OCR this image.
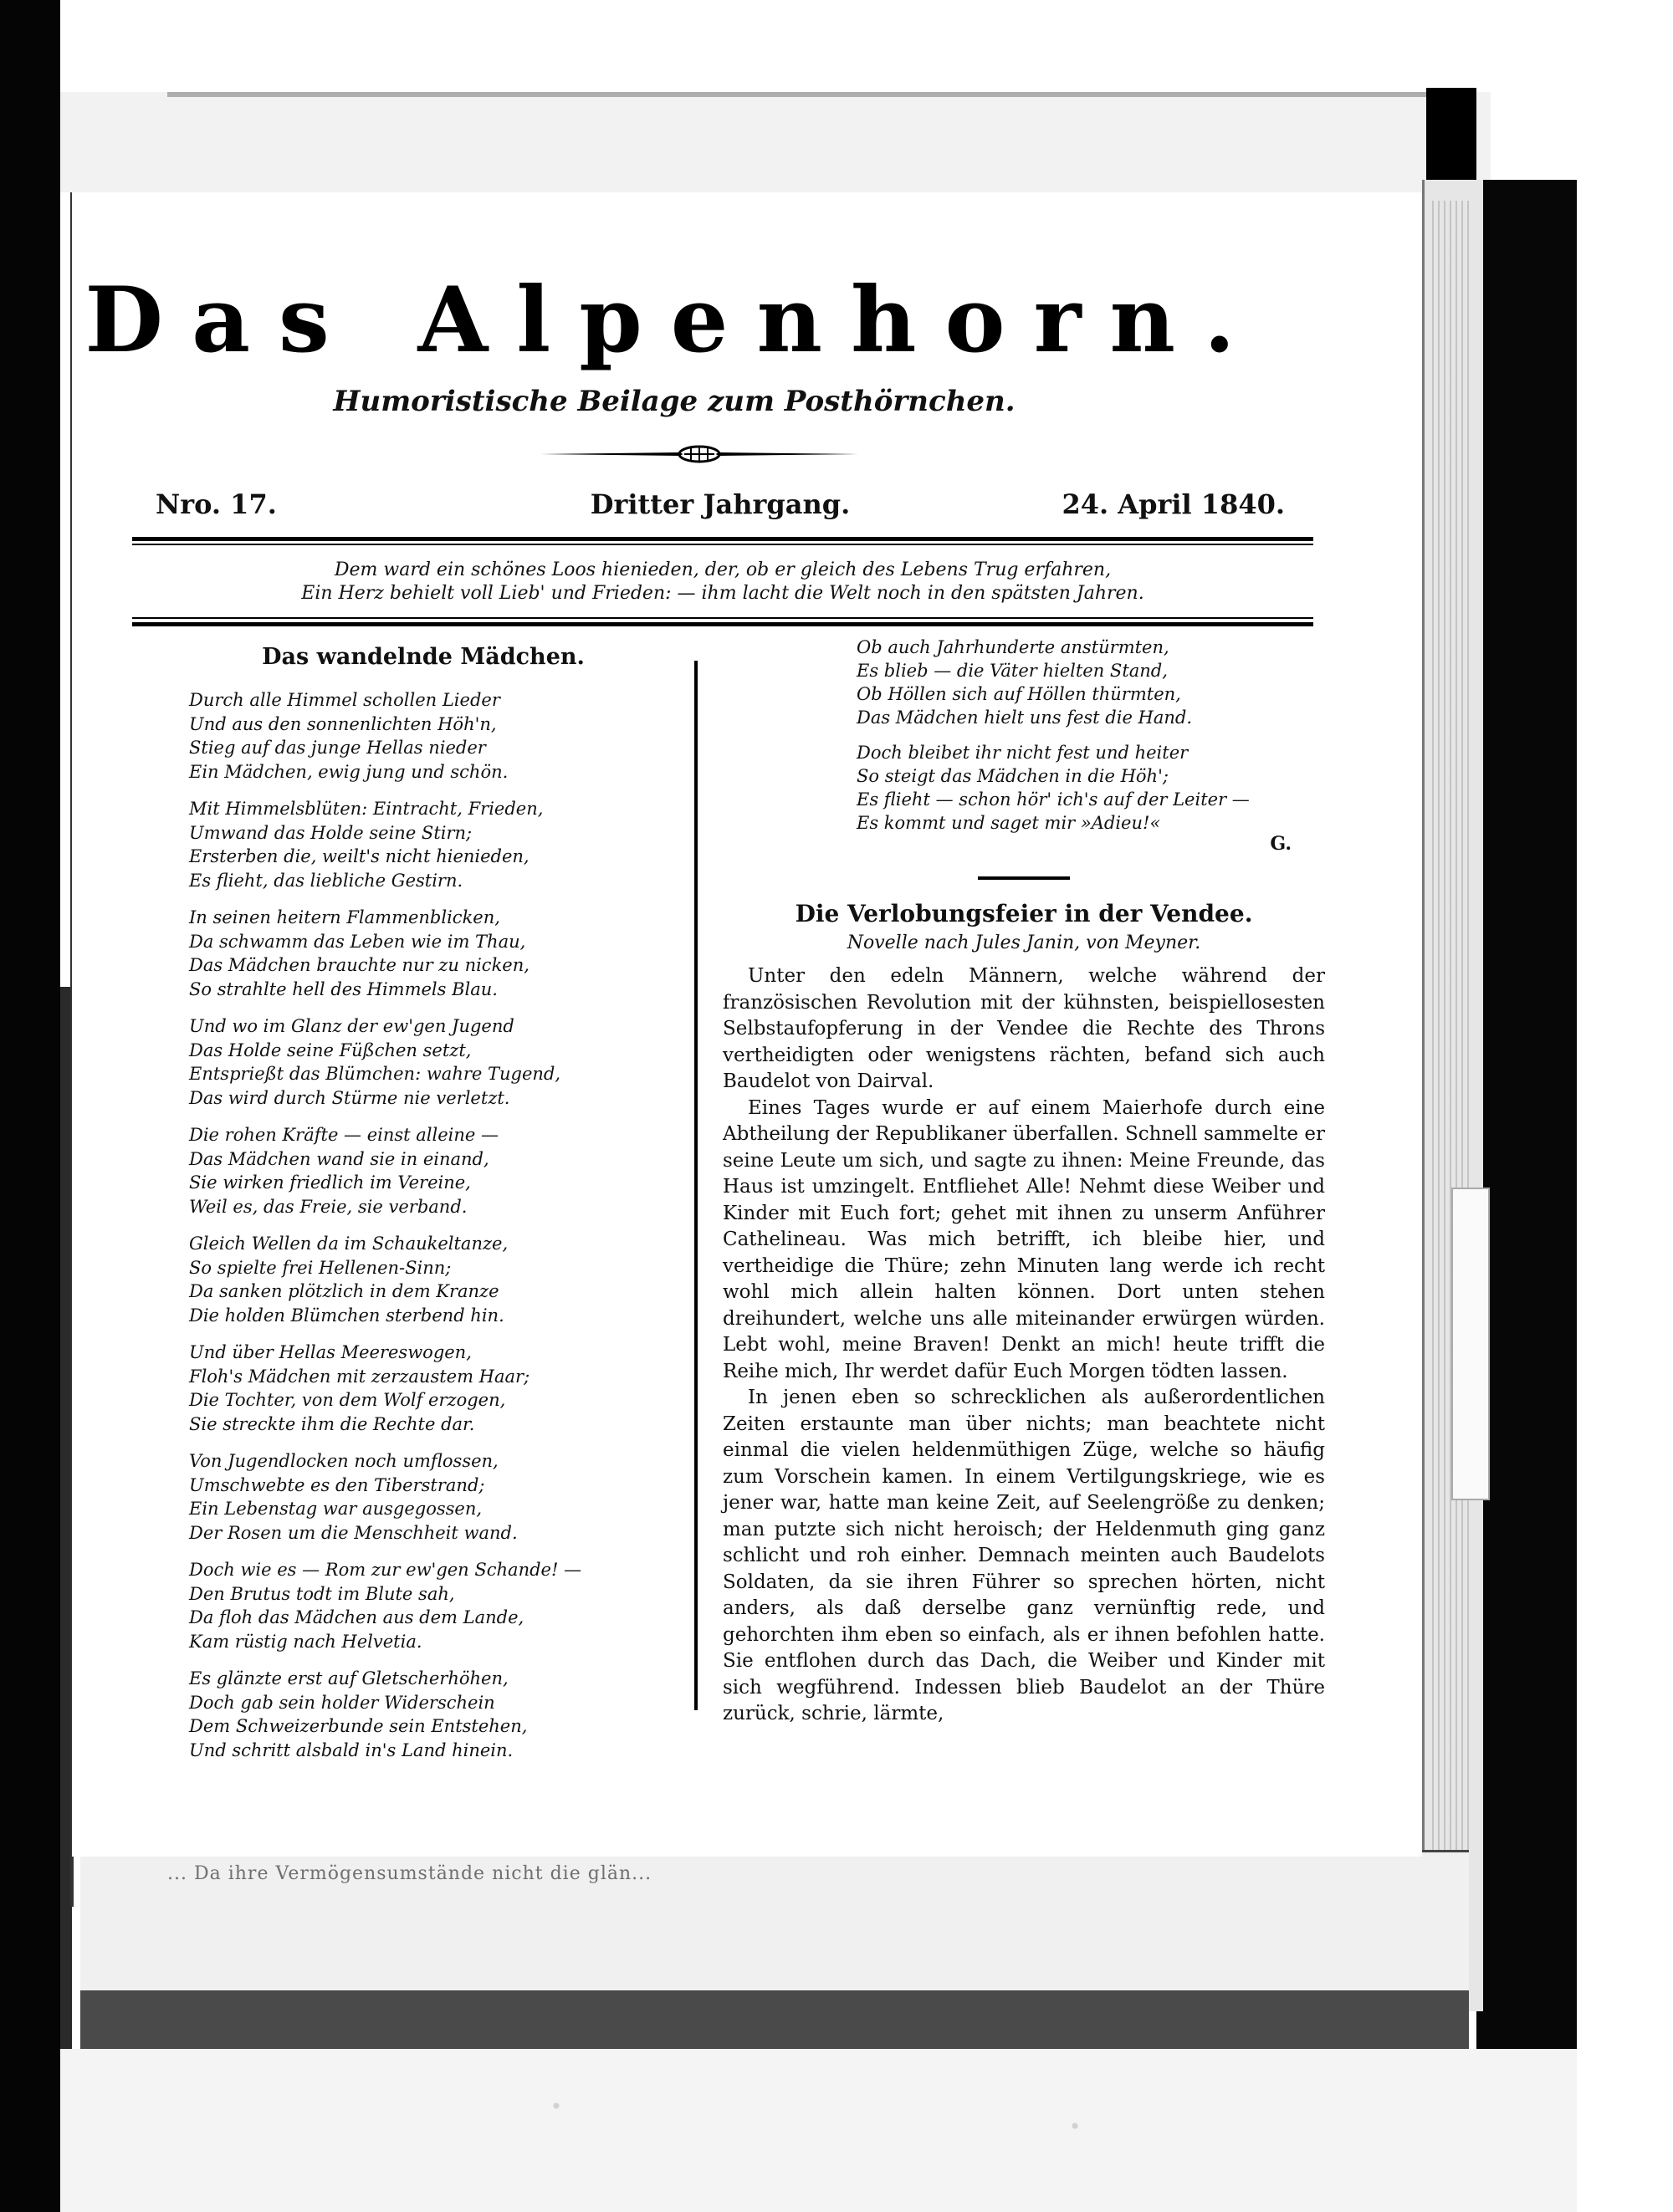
... Da ihre Vermögensumstände nicht die glän...
Das Alpenhorn.
Humoristische Beilage zum Posthörnchen.
Dritter Jahrgang.
Nro. 17.	24. April 1840.
Dem ward ein schönes Loos hienieden, der, ob er gleich des Lebens Trug erfahren,
Ein Herz behielt voll Lieb' und Frieden: — ihm lacht die Welt noch in den spätsten Jahren.
Das wandelnde Mädchen.
Durch alle Himmel schollen Lieder
Und aus den sonnenlichten Höh'n,
Stieg auf das junge Hellas nieder
Ein Mädchen, ewig jung und schön.
Mit Himmelsblüten: Eintracht, Frieden,
Umwand das Holde seine Stirn;
Ersterben die, weilt's nicht hienieden,
Es flieht, das liebliche Gestirn.
In seinen heitern Flammenblicken,
Da schwamm das Leben wie im Thau,
Das Mädchen brauchte nur zu nicken,
So strahlte hell des Himmels Blau.
Und wo im Glanz der ew'gen Jugend
Das Holde seine Füßchen setzt,
Entsprießt das Blümchen: wahre Tugend,
Das wird durch Stürme nie verletzt.
Die rohen Kräfte — einst alleine —
Das Mädchen wand sie in einand,
Sie wirken friedlich im Vereine,
Weil es, das Freie, sie verband.
Gleich Wellen da im Schaukeltanze,
So spielte frei Hellenen-Sinn;
Da sanken plötzlich in dem Kranze
Die holden Blümchen sterbend hin.
Und über Hellas Meereswogen,
Floh's Mädchen mit zerzaustem Haar;
Die Tochter, von dem Wolf erzogen,
Sie streckte ihm die Rechte dar.
Von Jugendlocken noch umflossen,
Umschwebte es den Tiberstrand;
Ein Lebenstag war ausgegossen,
Der Rosen um die Menschheit wand.
Doch wie es — Rom zur ew'gen Schande! —
Den Brutus todt im Blute sah,
Da floh das Mädchen aus dem Lande,
Kam rüstig nach Helvetia.
Es glänzte erst auf Gletscherhöhen,
Doch gab sein holder Widerschein
Dem Schweizerbunde sein Entstehen,
Und schritt alsbald in's Land hinein.
Ob auch Jahrhunderte anstürmten,
Es blieb — die Väter hielten Stand,
Ob Höllen sich auf Höllen thürmten,
Das Mädchen hielt uns fest die Hand.
Doch bleibet ihr nicht fest und heiter
So steigt das Mädchen in die Höh';
Es flieht — schon hör' ich's auf der Leiter —
Es kommt und saget mir »Adieu!«
G.
Die Verlobungsfeier in der Vendee.
Novelle nach Jules Janin, von Meyner.

Unter den edeln Männern, welche während der französischen Revolution mit der kühnsten, beispiellosesten Selbstaufopferung in der Vendee die Rechte des Throns vertheidigten oder wenigstens rächten, befand sich auch Baudelot von Dairval.

Eines Tages wurde er auf einem Maierhofe durch eine Abtheilung der Republikaner überfallen. Schnell sammelte er seine Leute um sich, und sagte zu ihnen: Meine Freunde, das Haus ist umzingelt. Entfliehet Alle! Nehmt diese Weiber und Kinder mit Euch fort; gehet mit ihnen zu unserm Anführer Cathelineau. Was mich betrifft, ich bleibe hier, und vertheidige die Thüre; zehn Minuten lang werde ich recht wohl mich allein halten können. Dort unten stehen dreihundert, welche uns alle miteinander erwürgen würden. Lebt wohl, meine Braven! Denkt an mich! heute trifft die Reihe mich, Ihr werdet dafür Euch Morgen tödten lassen.

In jenen eben so schrecklichen als außerordentlichen Zeiten erstaunte man über nichts; man beachtete nicht einmal die vielen heldenmüthigen Züge, welche so häufig zum Vorschein kamen. In einem Vertilgungskriege, wie es jener war, hatte man keine Zeit, auf Seelengröße zu denken; man putzte sich nicht heroisch; der Heldenmuth ging ganz schlicht und roh einher. Demnach meinten auch Baudelots Soldaten, da sie ihren Führer so sprechen hörten, nicht anders, als daß derselbe ganz vernünftig rede, und gehorchten ihm eben so einfach, als er ihnen befohlen hatte. Sie entflohen durch das Dach, die Weiber und Kinder mit sich wegführend. Indessen blieb Baudelot an der Thüre zurück, schrie, lärmte,
